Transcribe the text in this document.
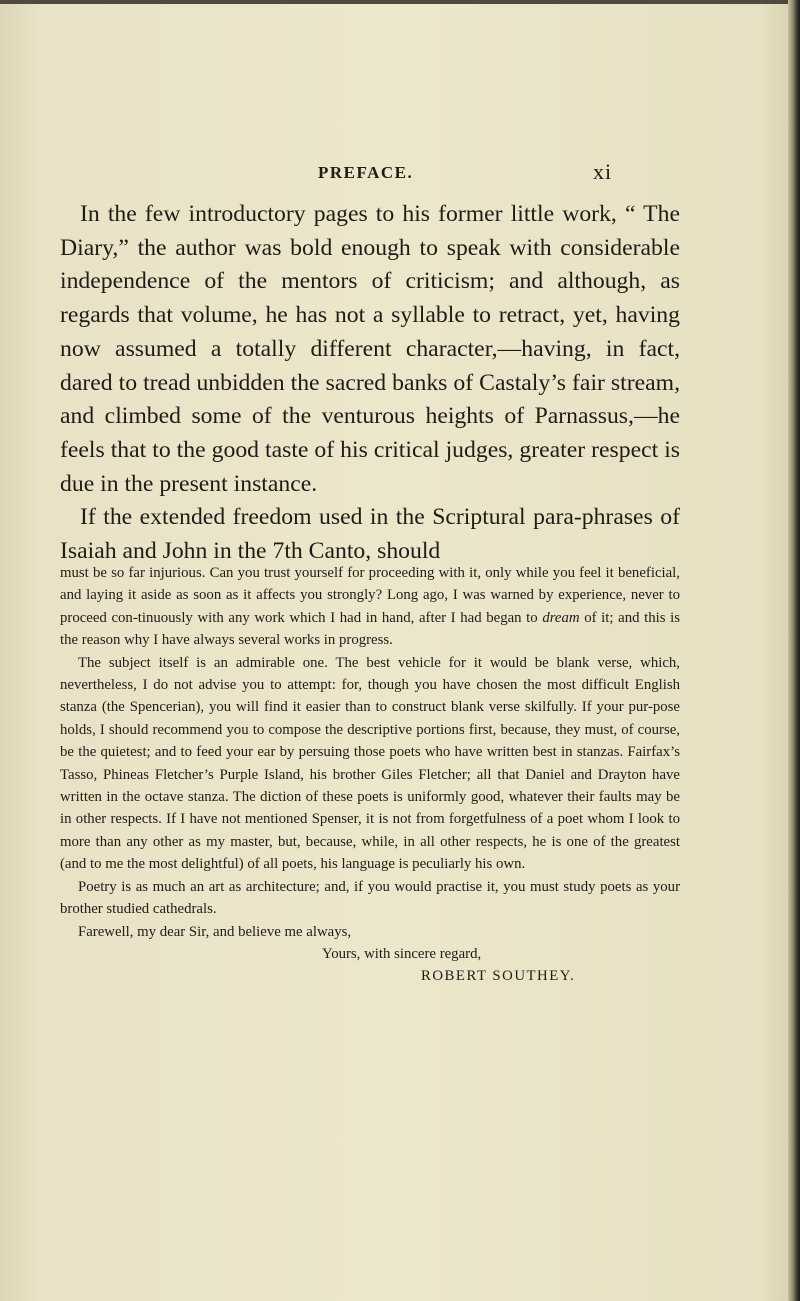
PREFACE.	xi

In the few introductory pages to his former little work, “ The Diary,” the author was bold enough to speak with considerable independence of the mentors of criticism; and although, as regards that volume, he has not a syllable to retract, yet, having now assumed a totally different character,—having, in fact, dared to tread unbidden the sacred banks of Castaly’s fair stream, and climbed some of the venturous heights of Parnassus,—he feels that to the good taste of his critical judges, greater respect is due in the present instance.

If the extended freedom used in the Scriptural para-phrases of Isaiah and John in the 7th Canto, should

must be so far injurious. Can you trust yourself for proceeding with it, only while you feel it beneficial, and laying it aside as soon as it affects you strongly? Long ago, I was warned by experience, never to proceed con-tinuously with any work which I had in hand, after I had began to dream of it; and this is the reason why I have always several works in progress.

The subject itself is an admirable one. The best vehicle for it would be blank verse, which, nevertheless, I do not advise you to attempt: for, though you have chosen the most difficult English stanza (the Spencerian), you will find it easier than to construct blank verse skilfully. If your pur-pose holds, I should recommend you to compose the descriptive portions first, because, they must, of course, be the quietest; and to feed your ear by persuing those poets who have written best in stanzas. Fairfax’s Tasso, Phineas Fletcher’s Purple Island, his brother Giles Fletcher; all that Daniel and Drayton have written in the octave stanza. The diction of these poets is uniformly good, whatever their faults may be in other respects. If I have not mentioned Spenser, it is not from forgetfulness of a poet whom I look to more than any other as my master, but, because, while, in all other respects, he is one of the greatest (and to me the most delightful) of all poets, his language is peculiarly his own.

Poetry is as much an art as architecture; and, if you would practise it, you must study poets as your brother studied cathedrals.

Farewell, my dear Sir, and believe me always,

Yours, with sincere regard,

ROBERT SOUTHEY.
